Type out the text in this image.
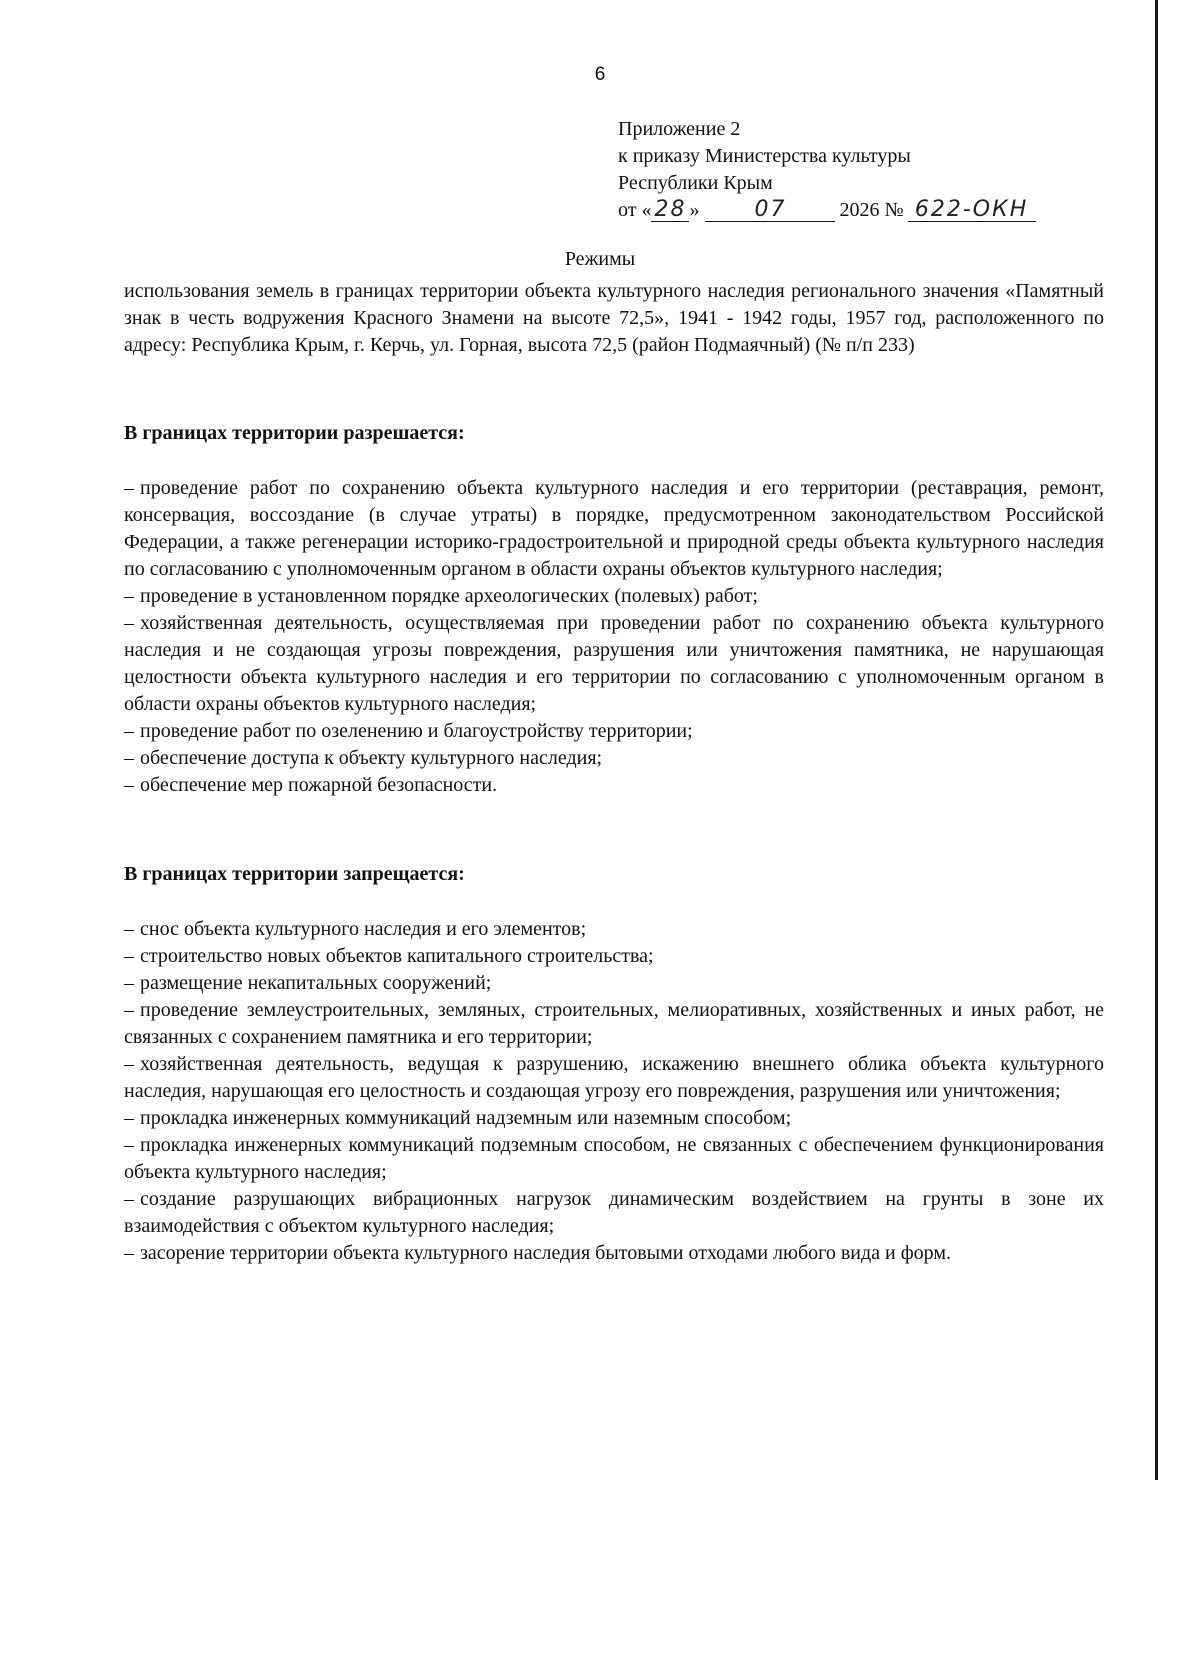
6
Приложение 2
к приказу Министерства культуры
Республики Крым
от « 28 »	07	2026 № 622-ОКН
Режимы
использования земель в границах территории объекта культурного наследия регионального значения «Памятный знак в честь водружения Красного Знамени на высоте 72,5», 1941 - 1942 годы, 1957 год, расположенного по адресу: Республика Крым, г. Керчь, ул. Горная, высота 72,5 (район Подмаячный) (№ п/п 233)
В границах территории разрешается:
– проведение работ по сохранению объекта культурного наследия и его территории (реставрация, ремонт, консервация, воссоздание (в случае утраты) в порядке, предусмотренном законодательством Российской Федерации, а также регенерации историко-градостроительной и природной среды объекта культурного наследия по согласованию с уполномоченным органом в области охраны объектов культурного наследия;
– проведение в установленном порядке археологических (полевых) работ;
– хозяйственная деятельность, осуществляемая при проведении работ по сохранению объекта культурного наследия и не создающая угрозы повреждения, разрушения или уничтожения памятника, не нарушающая целостности объекта культурного наследия и его территории по согласованию с уполномоченным органом в области охраны объектов культурного наследия;
– проведение работ по озеленению и благоустройству территории;
– обеспечение доступа к объекту культурного наследия;
– обеспечение мер пожарной безопасности.
В границах территории запрещается:
– снос объекта культурного наследия и его элементов;
– строительство новых объектов капитального строительства;
– размещение некапитальных сооружений;
– проведение землеустроительных, земляных, строительных, мелиоративных, хозяйственных и иных работ, не связанных с сохранением памятника и его территории;
– хозяйственная деятельность, ведущая к разрушению, искажению внешнего облика объекта культурного наследия, нарушающая его целостность и создающая угрозу его повреждения, разрушения или уничтожения;
– прокладка инженерных коммуникаций надземным или наземным способом;
– прокладка инженерных коммуникаций подземным способом, не связанных с обеспечением функционирования объекта культурного наследия;
– создание разрушающих вибрационных нагрузок динамическим воздействием на грунты в зоне их взаимодействия с объектом культурного наследия;
– засорение территории объекта культурного наследия бытовыми отходами любого вида и форм.
